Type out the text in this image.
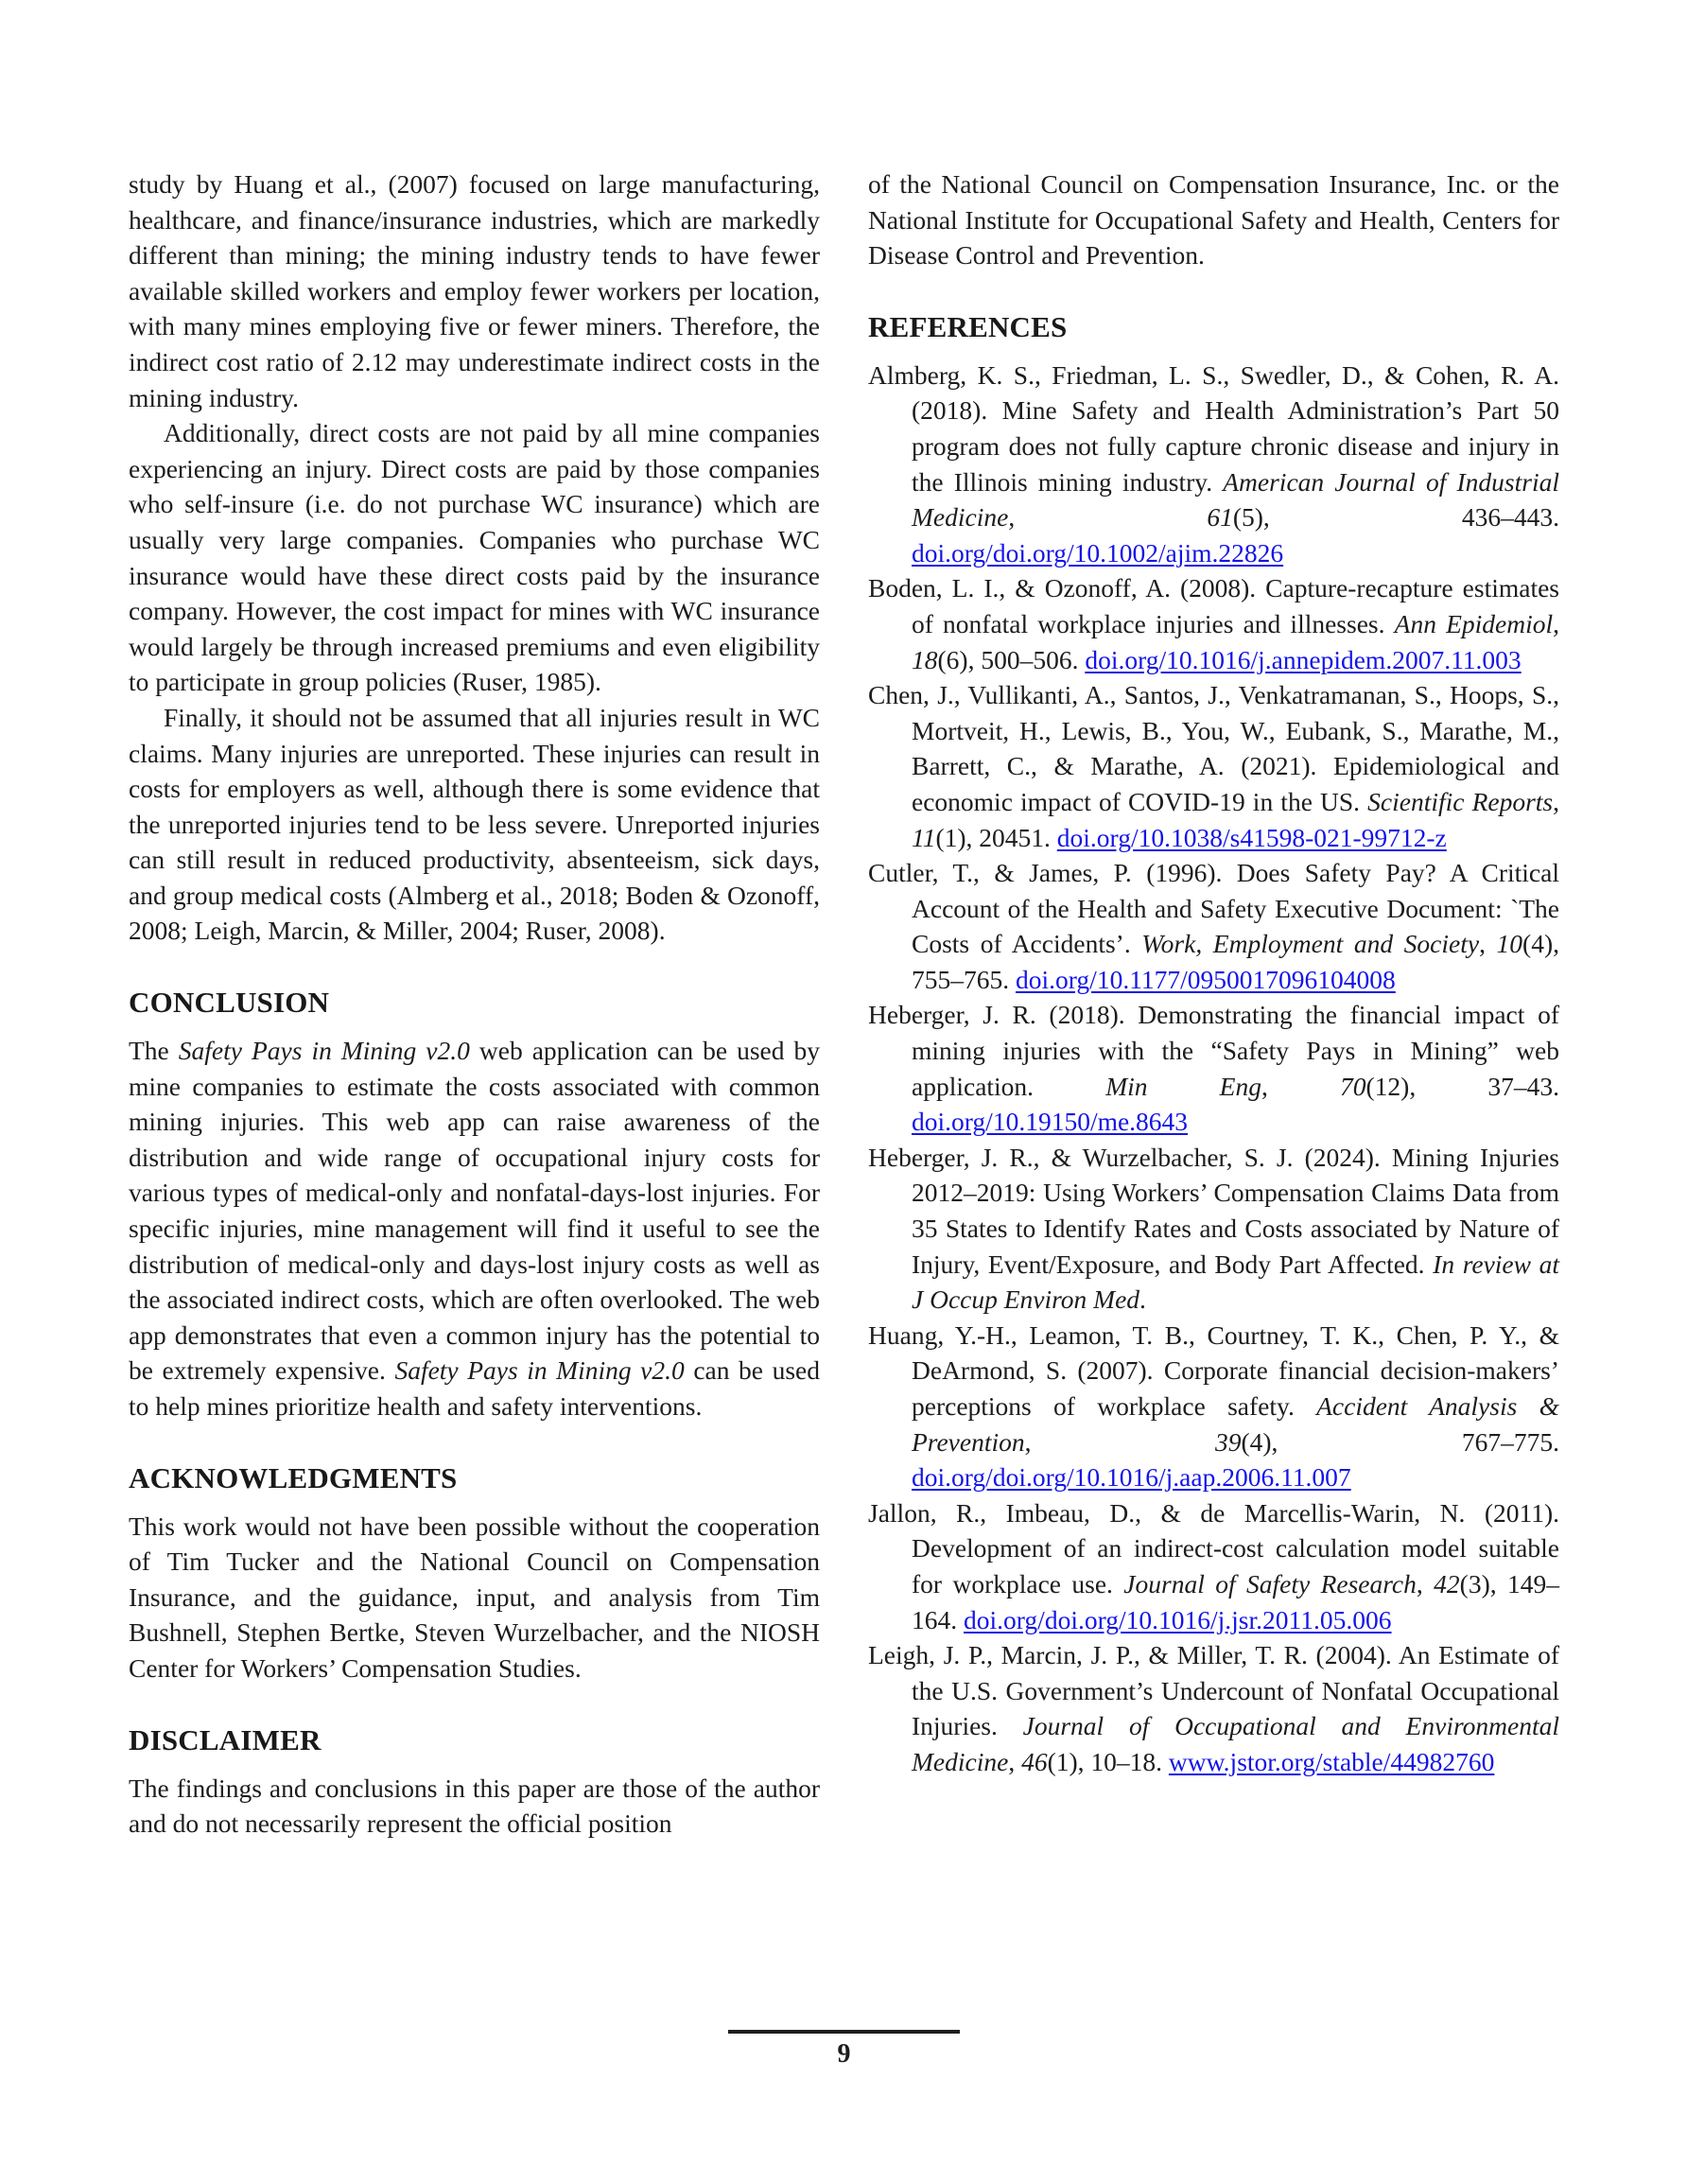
study by Huang et al., (2007) focused on large manufacturing, healthcare, and finance/insurance industries, which are markedly different than mining; the mining industry tends to have fewer available skilled workers and employ fewer workers per location, with many mines employing five or fewer miners. Therefore, the indirect cost ratio of 2.12 may underestimate indirect costs in the mining industry.

Additionally, direct costs are not paid by all mine companies experiencing an injury. Direct costs are paid by those companies who self-insure (i.e. do not purchase WC insurance) which are usually very large companies. Companies who purchase WC insurance would have these direct costs paid by the insurance company. However, the cost impact for mines with WC insurance would largely be through increased premiums and even eligibility to participate in group policies (Ruser, 1985).

Finally, it should not be assumed that all injuries result in WC claims. Many injuries are unreported. These injuries can result in costs for employers as well, although there is some evidence that the unreported injuries tend to be less severe. Unreported injuries can still result in reduced productivity, absenteeism, sick days, and group medical costs (Almberg et al., 2018; Boden & Ozonoff, 2008; Leigh, Marcin, & Miller, 2004; Ruser, 2008).

CONCLUSION

The Safety Pays in Mining v2.0 web application can be used by mine companies to estimate the costs associated with common mining injuries. This web app can raise awareness of the distribution and wide range of occupational injury costs for various types of medical-only and nonfatal-days-lost injuries. For specific injuries, mine management will find it useful to see the distribution of medical-only and days-lost injury costs as well as the associated indirect costs, which are often overlooked. The web app demonstrates that even a common injury has the potential to be extremely expensive. Safety Pays in Mining v2.0 can be used to help mines prioritize health and safety interventions.

ACKNOWLEDGMENTS

This work would not have been possible without the cooperation of Tim Tucker and the National Council on Compensation Insurance, and the guidance, input, and analysis from Tim Bushnell, Stephen Bertke, Steven Wurzelbacher, and the NIOSH Center for Workers’ Compensation Studies.

DISCLAIMER

The findings and conclusions in this paper are those of the author and do not necessarily represent the official position

of the National Council on Compensation Insurance, Inc. or the National Institute for Occupational Safety and Health, Centers for Disease Control and Prevention.

REFERENCES

Almberg, K. S., Friedman, L. S., Swedler, D., & Cohen, R. A. (2018). Mine Safety and Health Administration’s Part 50 program does not fully capture chronic disease and injury in the Illinois mining industry. American Journal of Industrial Medicine, 61(5), 436–443. doi.org/doi.org/10.1002/ajim.22826

Boden, L. I., & Ozonoff, A. (2008). Capture-recapture estimates of nonfatal workplace injuries and illnesses. Ann Epidemiol, 18(6), 500–506. doi.org/10.1016/j.annepidem.2007.11.003

Chen, J., Vullikanti, A., Santos, J., Venkatramanan, S., Hoops, S., Mortveit, H., Lewis, B., You, W., Eubank, S., Marathe, M., Barrett, C., & Marathe, A. (2021). Epidemiological and economic impact of COVID-19 in the US. Scientific Reports, 11(1), 20451. doi.org/10.1038/s41598-021-99712-z

Cutler, T., & James, P. (1996). Does Safety Pay? A Critical Account of the Health and Safety Executive Document: `The Costs of Accidents’. Work, Employment and Society, 10(4), 755–765. doi.org/10.1177/0950017096104008

Heberger, J. R. (2018). Demonstrating the financial impact of mining injuries with the “Safety Pays in Mining” web application. Min Eng, 70(12), 37–43. doi.org/10.19150/me.8643

Heberger, J. R., & Wurzelbacher, S. J. (2024). Mining Injuries 2012–2019: Using Workers’ Compensation Claims Data from 35 States to Identify Rates and Costs associated by Nature of Injury, Event/Exposure, and Body Part Affected. In review at J Occup Environ Med.

Huang, Y.-H., Leamon, T. B., Courtney, T. K., Chen, P. Y., & DeArmond, S. (2007). Corporate financial decision-makers’ perceptions of workplace safety. Accident Analysis & Prevention, 39(4), 767–775. doi.org/doi.org/10.1016/j.aap.2006.11.007

Jallon, R., Imbeau, D., & de Marcellis-Warin, N. (2011). Development of an indirect-cost calculation model suitable for workplace use. Journal of Safety Research, 42(3), 149–164. doi.org/doi.org/10.1016/j.jsr.2011.05.006

Leigh, J. P., Marcin, J. P., & Miller, T. R. (2004). An Estimate of the U.S. Government’s Undercount of Nonfatal Occupational Injuries. Journal of Occupational and Environmental Medicine, 46(1), 10–18. www.jstor.org/stable/44982760

9
